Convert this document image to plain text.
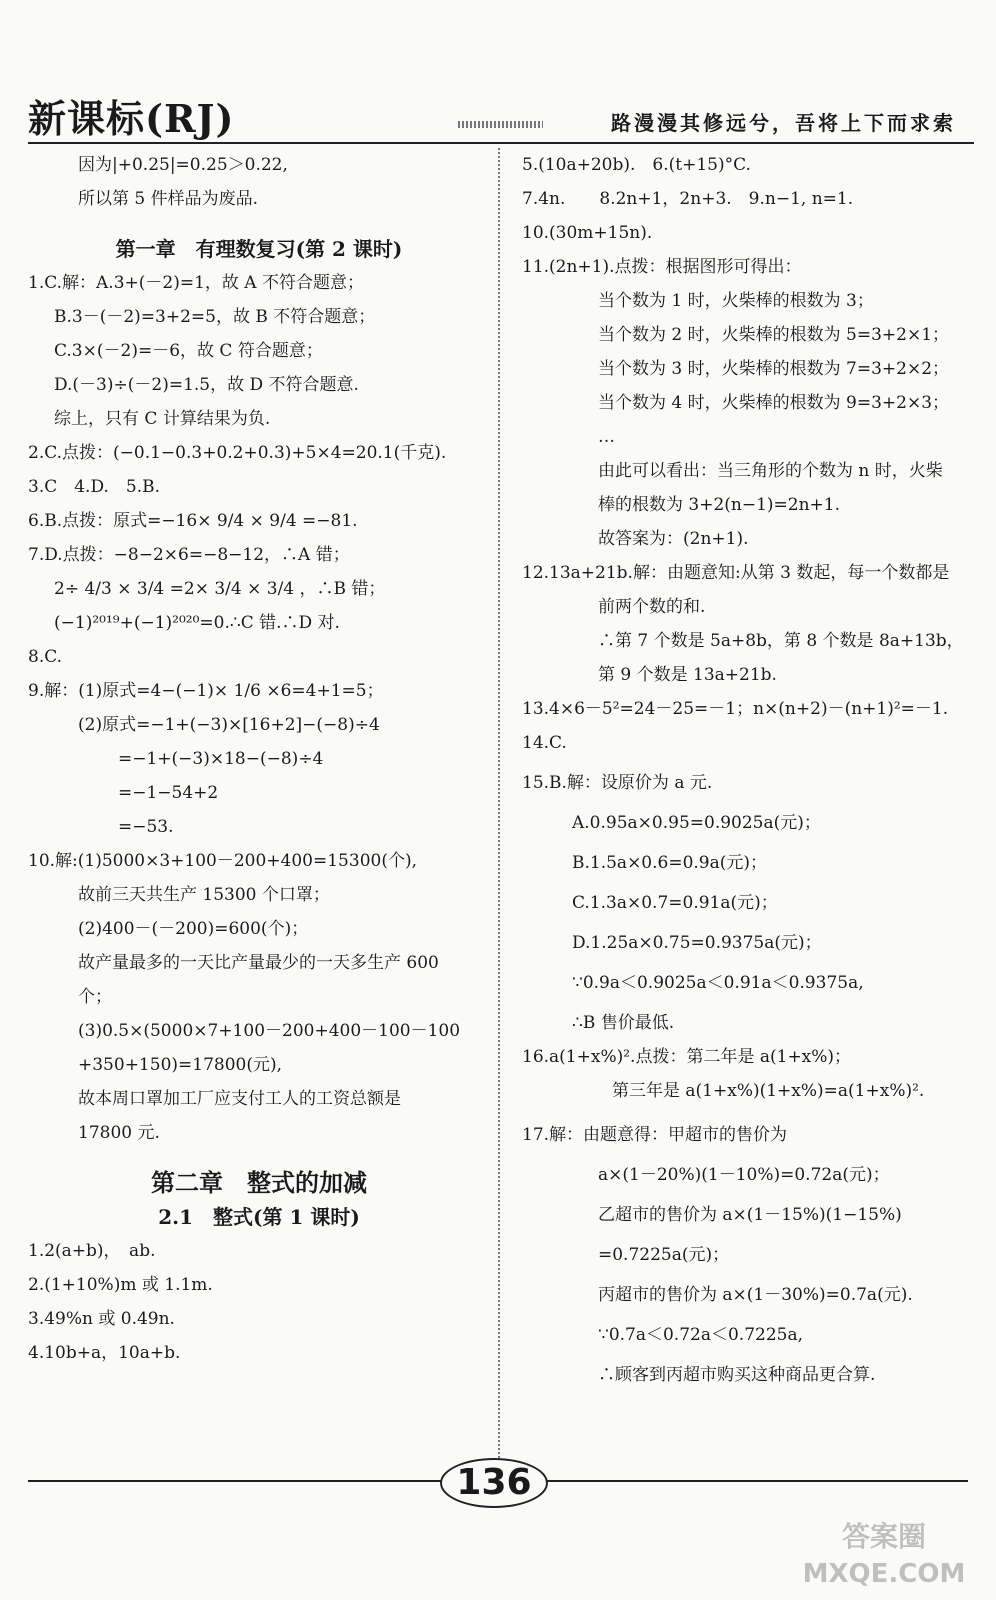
新课标(RJ)	路漫漫其修远兮，吾将上下而求索
因为|+0.25|=0.25＞0.22,
所以第 5 件样品为废品.
第一章　有理数复习(第 2 课时)
1.C.解：A.3+(－2)=1，故 A 不符合题意；
B.3－(－2)=3+2=5，故 B 不符合题意；
C.3×(－2)=－6，故 C 符合题意；
D.(－3)÷(－2)=1.5，故 D 不符合题意.
综上，只有 C 计算结果为负.
2.C.点拨：(−0.1−0.3+0.2+0.3)+5×4=20.1(千克).
3.C　4.D.　5.B.
6.B.点拨：原式=−16× 9/4 × 9/4 =−81.
7.D.点拨：−8−2×6=−8−12，∴A 错；
2÷ 4/3 × 3/4 =2× 3/4 × 3/4 ，∴B 错；
(−1)²⁰¹⁹+(−1)²⁰²⁰=0.∴C 错.∴D 对.
8.C.
9.解：(1)原式=4−(−1)× 1/6 ×6=4+1=5；
(2)原式=−1+(−3)×[16+2]−(−8)÷4
=−1+(−3)×18−(−8)÷4
=−1−54+2
=−53.
10.解:(1)5000×3+100－200+400=15300(个),
故前三天共生产 15300 个口罩；
(2)400－(－200)=600(个)；
故产量最多的一天比产量最少的一天多生产 600
个；
(3)0.5×(5000×7+100－200+400－100－100
+350+150)=17800(元),
故本周口罩加工厂应支付工人的工资总额是
17800 元.
第二章　整式的加减
2.1　整式(第 1 课时)
1.2(a+b)，　ab.
2.(1+10%)m 或 1.1m.
3.49%n 或 0.49n.
4.10b+a，10a+b.
5.(10a+20b).　6.(t+15)°C.
7.4n.　　8.2n+1，2n+3.　9.n−1, n=1.
10.(30m+15n).
11.(2n+1).点拨：根据图形可得出：
当个数为 1 时，火柴棒的根数为 3；
当个数为 2 时，火柴棒的根数为 5=3+2×1；
当个数为 3 时，火柴棒的根数为 7=3+2×2；
当个数为 4 时，火柴棒的根数为 9=3+2×3；
…
由此可以看出：当三角形的个数为 n 时，火柴
棒的根数为 3+2(n−1)=2n+1.
故答案为：(2n+1).
12.13a+21b.解：由题意知:从第 3 数起，每一个数都是
前两个数的和.
∴第 7 个数是 5a+8b，第 8 个数是 8a+13b，
第 9 个数是 13a+21b.
13.4×6－5²=24－25=－1；n×(n+2)－(n+1)²=－1.
14.C.
15.B.解：设原价为 a 元.
A.0.95a×0.95=0.9025a(元)；
B.1.5a×0.6=0.9a(元)；
C.1.3a×0.7=0.91a(元)；
D.1.25a×0.75=0.9375a(元)；
∵0.9a＜0.9025a＜0.91a＜0.9375a,
∴B 售价最低.
16.a(1+x%)².点拨：第二年是 a(1+x%)；
第三年是 a(1+x%)(1+x%)=a(1+x%)².
17.解：由题意得：甲超市的售价为
a×(1－20%)(1－10%)=0.72a(元)；
乙超市的售价为 a×(1－15%)(1−15%)
=0.7225a(元)；
丙超市的售价为 a×(1－30%)=0.7a(元).
∵0.7a＜0.72a＜0.7225a,
∴顾客到丙超市购买这种商品更合算.
136
答案圈
MXQE.COM
